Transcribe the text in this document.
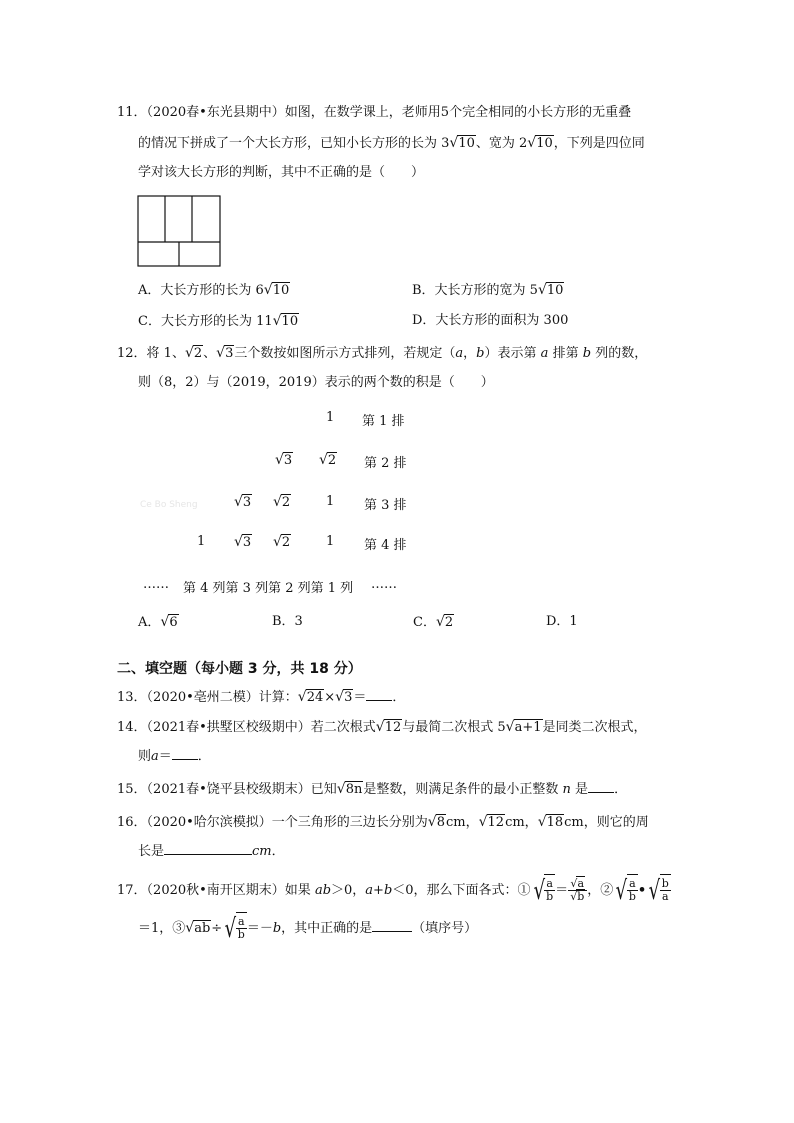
11．（2020春•东光县期中）如图，在数学课上，老师用5个完全相同的小长方形的无重叠
的情况下拼成了一个大长方形，已知小长方形的长为 3√10、宽为 2√10，下列是四位同
学对该大长方形的判断，其中不正确的是（　　）
A．大长方形的长为 6√10	B．大长方形的宽为 5√10
C．大长方形的长为 11√10	D．大长方形的面积为 300
12．将 1、√2、√3三个数按如图所示方式排列，若规定（a，b）表示第 a 排第 b 列的数，
则（8，2）与（2019，2019）表示的两个数的积是（　　）
Ce Bo Sheng
1 第 1 排
√3 √2 第 2 排
√3 √2	1 第 3 排
1 √3 √2	1 第 4 排
…… 第 4 列第 3 列第 2 列第 1 列 ……
A．√6	B．3	C．√2	D．1
二、填空题（每小题 3 分，共 18 分）
13．（2020•亳州二模）计算：√24×√3＝ ．
14．（2021春•拱墅区校级期中）若二次根式√12与最简二次根式 5√a+1是同类二次根式，
则a＝ ．
15．（2021春•饶平县校级期末）已知√8n是整数，则满足条件的最小正整数 n 是 ．
16．（2020•哈尔滨模拟）一个三角形的三边长分别为√8cm，√12cm，√18cm，则它的周
长是	cm．
17．（2020秋•南开区期末）如果 ab＞0，a+b＜0，那么下面各式：①√ $\frac{a}{b} = \frac{√a}{√b}$ ，②√ $\frac{a}{b}$ •√ $\frac{b}{a}$
＝1，③√ab÷√ $\frac{a}{b} =-b$，其中正确的是	（填序号）
